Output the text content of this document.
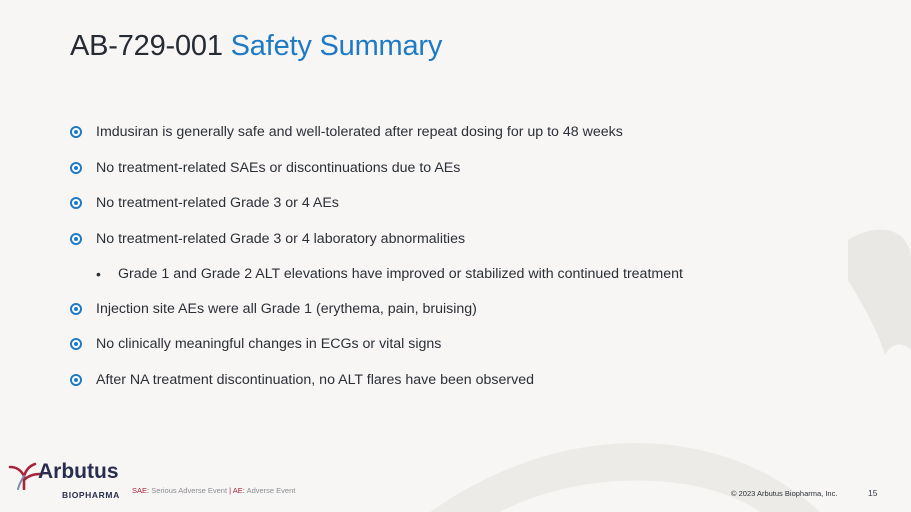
AB-729-001 Safety Summary
Imdusiran is generally safe and well-tolerated after repeat dosing for up to 48 weeks
No treatment-related SAEs or discontinuations due to AEs
No treatment-related Grade 3 or 4 AEs
No treatment-related Grade 3 or 4 laboratory abnormalities
• Grade 1 and Grade 2 ALT elevations have improved or stabilized with continued treatment
Injection site AEs were all Grade 1 (erythema, pain, bruising)
No clinically meaningful changes in ECGs or vital signs
After NA treatment discontinuation, no ALT flares have been observed
Arbutus
BIOPHARMA SAE: Serious Adverse Event | AE: Adverse Event	© 2023 Arbutus Biopharma, Inc.	15
